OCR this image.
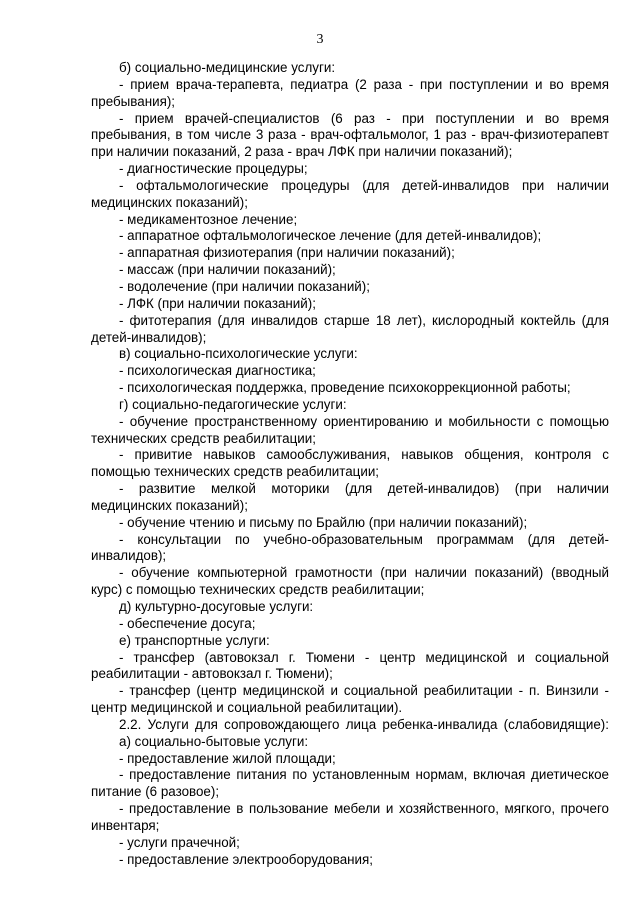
3

б) социально-медицинские услуги:

- прием врача-терапевта, педиатра (2 раза - при поступлении и во время пребывания);

- прием врачей-специалистов (6 раз - при поступлении и во время пребывания, в том числе 3 раза - врач-офтальмолог, 1 раз - врач-физиотерапевт при наличии показаний, 2 раза - врач ЛФК при наличии показаний);

- диагностические процедуры;

- офтальмологические процедуры (для детей-инвалидов при наличии медицинских показаний);

- медикаментозное лечение;

- аппаратное офтальмологическое лечение (для детей-инвалидов);

- аппаратная физиотерапия (при наличии показаний);

- массаж (при наличии показаний);

- водолечение (при наличии показаний);

- ЛФК (при наличии показаний);

- фитотерапия (для инвалидов старше 18 лет), кислородный коктейль (для детей-инвалидов);

в) социально-психологические услуги:

- психологическая диагностика;

- психологическая поддержка, проведение психокоррекционной работы;

г) социально-педагогические услуги:

- обучение пространственному ориентированию и мобильности с помощью технических средств реабилитации;

- привитие навыков самообслуживания, навыков общения, контроля с помощью технических средств реабилитации;

- развитие мелкой моторики (для детей-инвалидов) (при наличии медицинских показаний);

- обучение чтению и письму по Брайлю (при наличии показаний);

- консультации по учебно-образовательным программам (для детей-инвалидов);

- обучение компьютерной грамотности (при наличии показаний) (вводный курс) с помощью технических средств реабилитации;

д) культурно-досуговые услуги:

- обеспечение досуга;

е) транспортные услуги:

- трансфер (автовокзал г. Тюмени - центр медицинской и социальной реабилитации - автовокзал г. Тюмени);

- трансфер (центр медицинской и социальной реабилитации - п. Винзили - центр медицинской и социальной реабилитации).

2.2. Услуги для сопровождающего лица ребенка-инвалида (слабовидящие):

а) социально-бытовые услуги:

- предоставление жилой площади;

- предоставление питания по установленным нормам, включая диетическое питание (6 разовое);

- предоставление в пользование мебели и хозяйственного, мягкого, прочего инвентаря;

- услуги прачечной;

- предоставление электрооборудования;
